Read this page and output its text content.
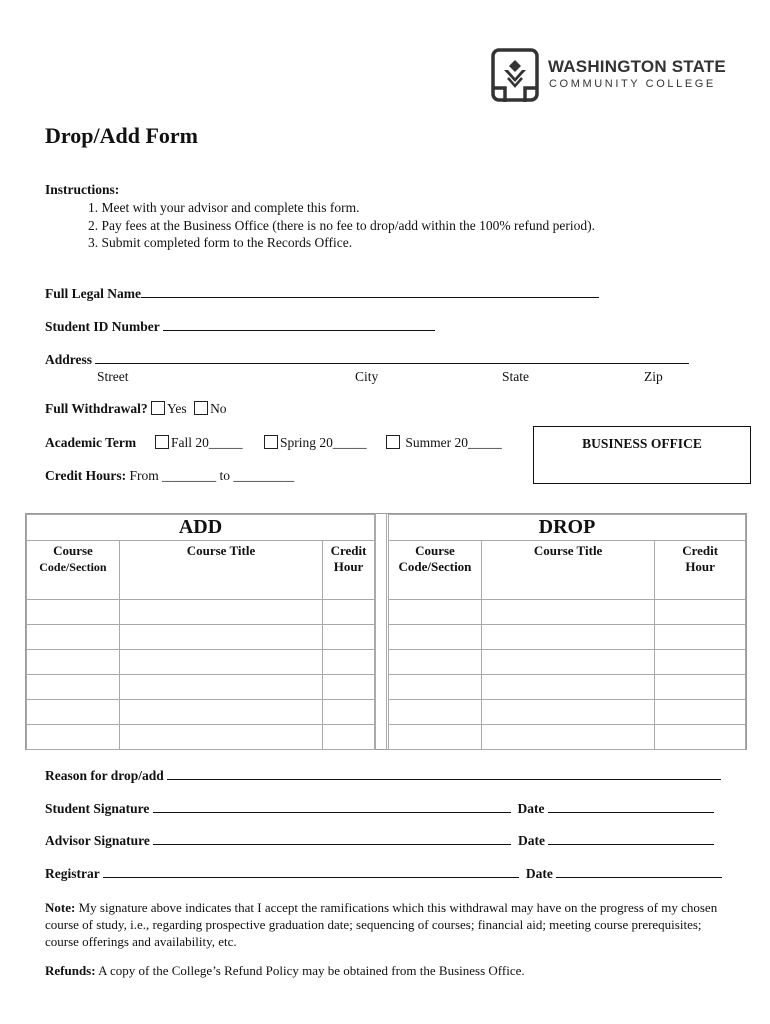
WASHINGTON STATE
COMMUNITY COLLEGE
Drop/Add Form
Instructions:
1. Meet with your advisor and complete this form.
2. Pay fees at the Business Office (there is no fee to drop/add within the 100% refund period).
3. Submit completed form to the Records Office.
Full Legal Name
Student ID Number
Address
Street	City	State	Zip
Full Withdrawal? Yes No
Academic Term	Fall 20_____	Spring 20_____	Summer 20_____	BUSINESS OFFICE
Credit Hours: From ________ to _________
ADD		
Course
Code/Section	Course Title	Credit
Hour

DROP		
Course
Code/Section	Course Title	Credit
Hour

Reason for drop/add
Student Signature	Date
Advisor Signature	Date
Registrar	Date
Note: My signature above indicates that I accept the ramifications which this withdrawal may have on the progress of my chosen course of study, i.e., regarding prospective graduation date; sequencing of courses; financial aid; meeting course prerequisites; course offerings and availability, etc.
Refunds: A copy of the College’s Refund Policy may be obtained from the Business Office.
